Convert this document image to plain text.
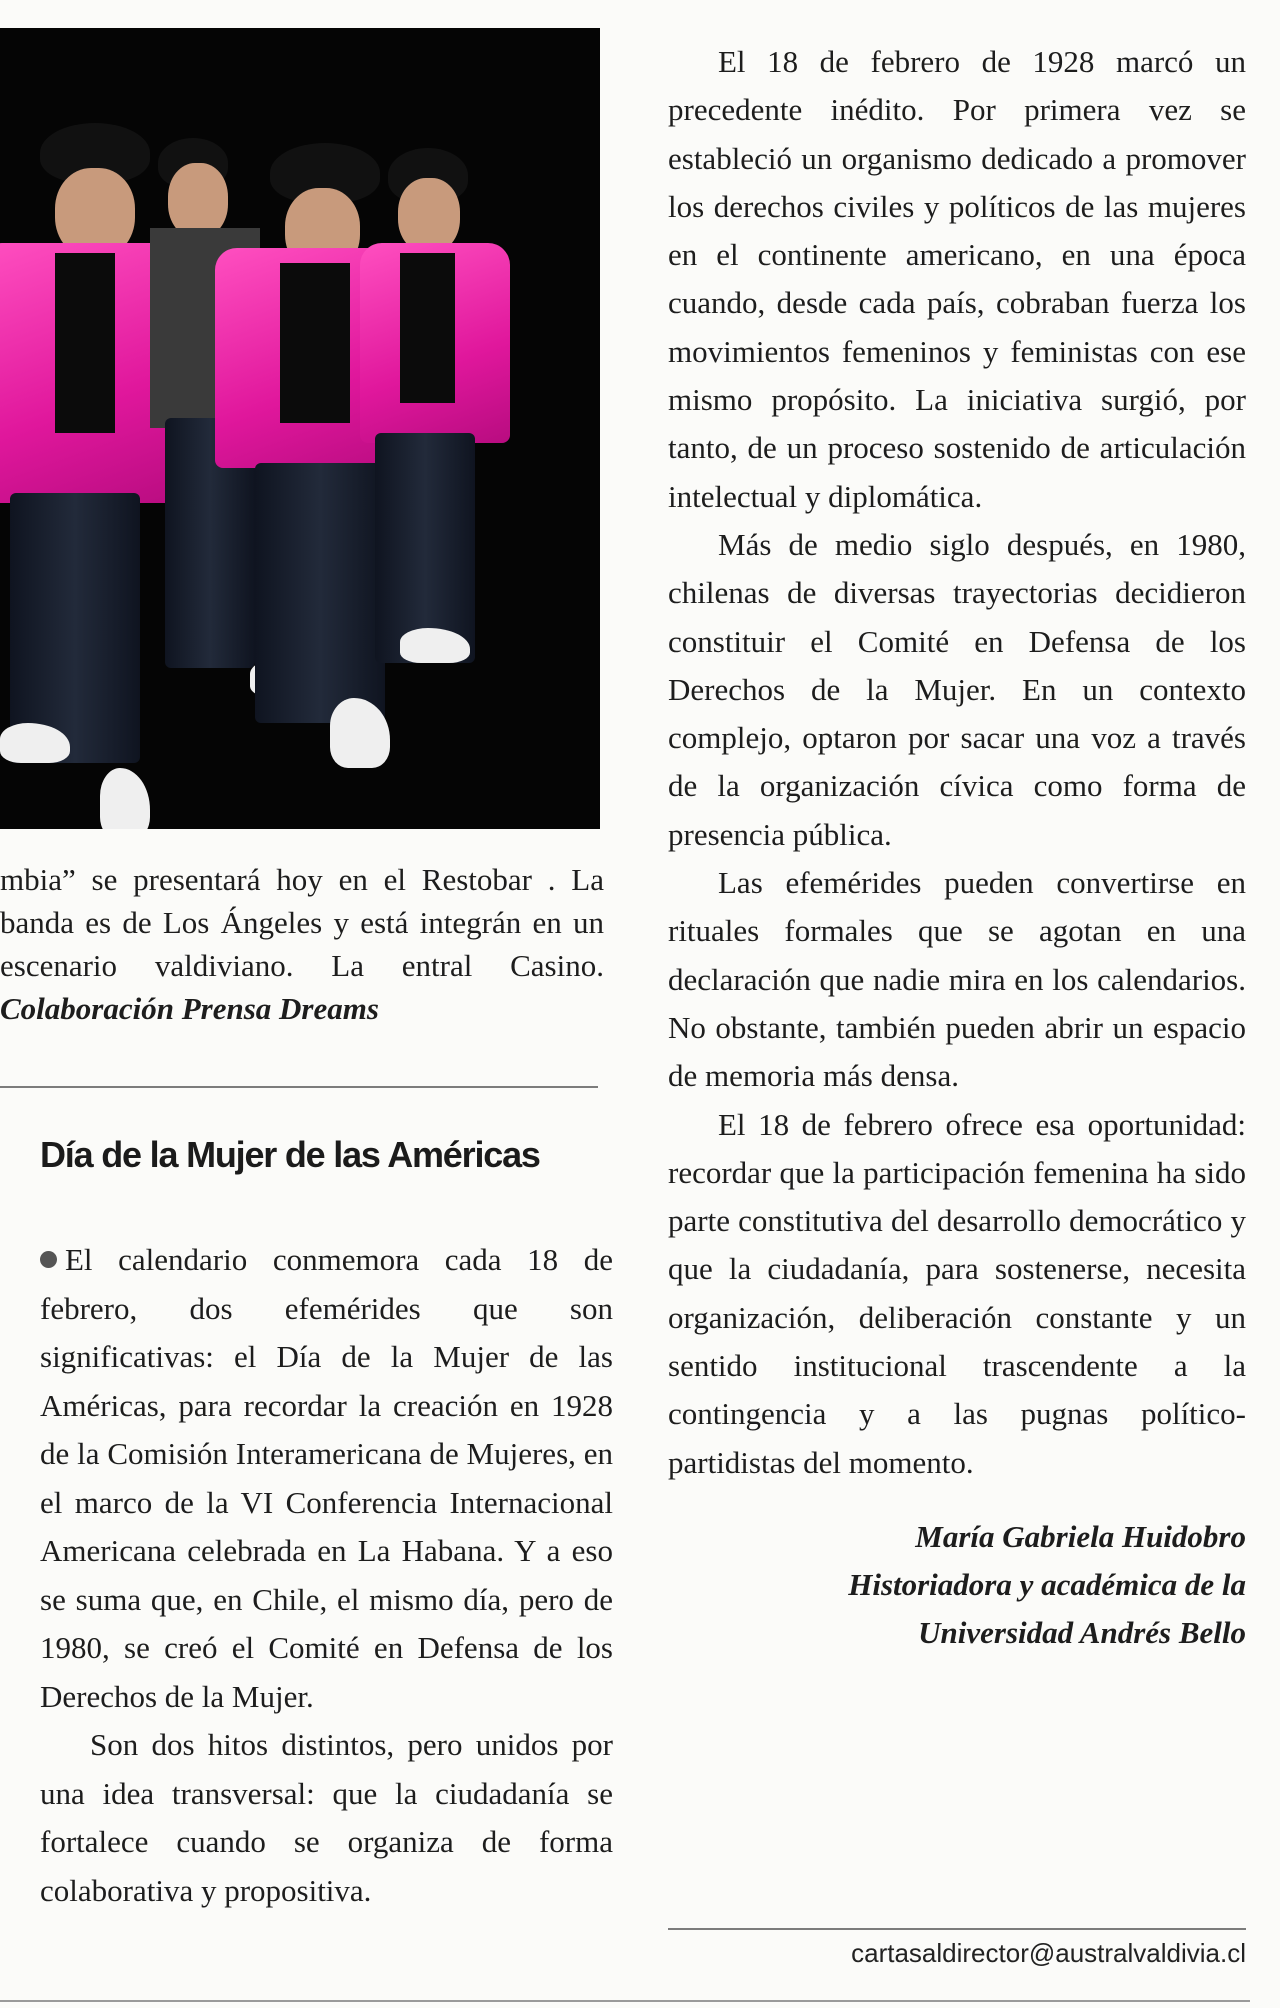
mbia” se presentará hoy en el Restobar . La banda es de Los Ángeles y está integrán en un escenario valdiviano. La entral Casino. Colaboración Prensa Dreams
Día de la Mujer de las Américas

El calendario conmemora cada 18 de febrero, dos efemérides que son significativas: el Día de la Mujer de las Américas, para recordar la creación en 1928 de la Comisión Interamericana de Mujeres, en el marco de la VI Conferencia Internacional Americana celebrada en La Habana. Y a eso se suma que, en Chile, el mismo día, pero de 1980, se creó el Comité en Defensa de los Derechos de la Mujer.

Son dos hitos distintos, pero unidos por una idea transversal: que la ciudadanía se fortalece cuando se organiza de forma colaborativa y propositiva.

El 18 de febrero de 1928 marcó un precedente inédito. Por primera vez se estableció un organismo dedicado a promover los derechos civiles y políticos de las mujeres en el continente americano, en una época cuando, desde cada país, cobraban fuerza los movimientos femeninos y feministas con ese mismo propósito. La iniciativa surgió, por tanto, de un proceso sostenido de articulación intelectual y diplomática.

Más de medio siglo después, en 1980, chilenas de diversas trayectorias decidieron constituir el Comité en Defensa de los Derechos de la Mujer. En un contexto complejo, optaron por sacar una voz a través de la organización cívica como forma de presencia pública.

Las efemérides pueden convertirse en rituales formales que se agotan en una declaración que nadie mira en los calendarios. No obstante, también pueden abrir un espacio de memoria más densa.

El 18 de febrero ofrece esa oportunidad: recordar que la participación femenina ha sido parte constitutiva del desarrollo democrático y que la ciudadanía, para sostenerse, necesita organización, deliberación constante y un sentido institucional trascendente a la contingencia y a las pugnas político-partidistas del momento.

María Gabriela Huidobro
Historiadora y académica de la
Universidad Andrés Bello
cartasaldirector@australvaldivia.cl
